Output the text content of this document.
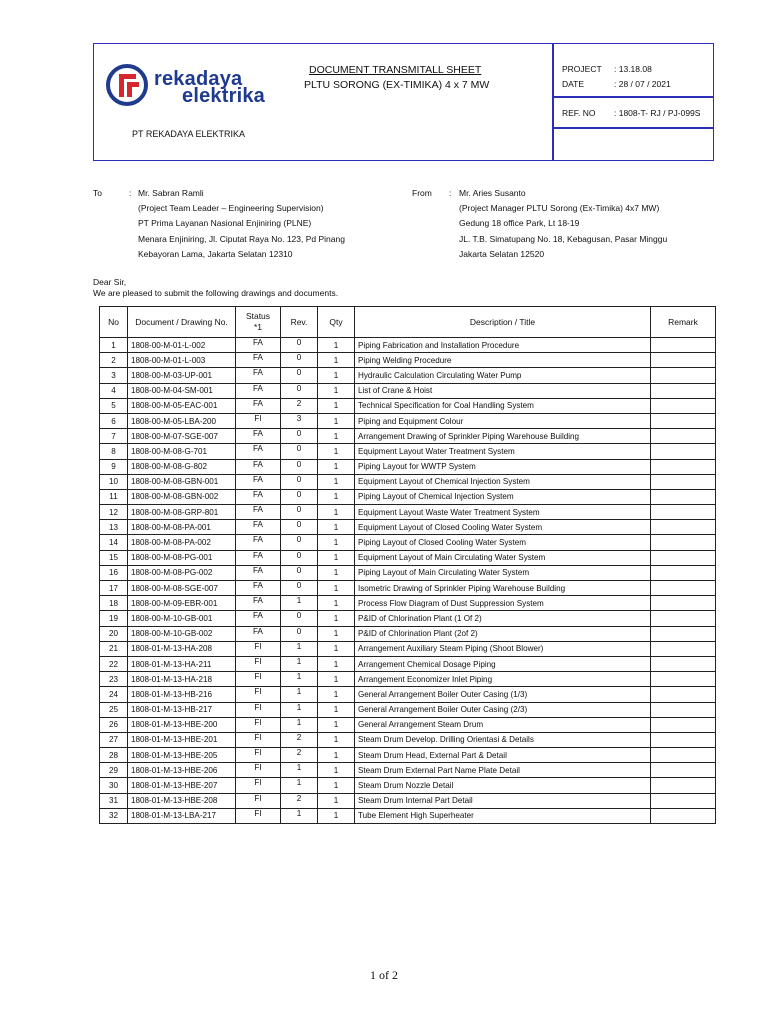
rekadaya
elektrika
PT REKADAYA ELEKTRIKA
DOCUMENT TRANSMITALL SHEET
PLTU SORONG (EX-TIMIKA) 4 x 7 MW
PROJECT : 13.18.08
DATE	: 28 / 07 / 2021
REF. NO : 1808-T- RJ / PJ-099S
To	: Mr. Sabran Ramli
(Project Team Leader – Engineering Supervision)
PT Prima Layanan Nasional Enjiniring (PLNE)
Menara Enjiniring, Jl. Ciputat Raya No. 123, Pd Pinang
Kebayoran Lama, Jakarta Selatan 12310
From : Mr. Aries Susanto
(Project Manager PLTU Sorong (Ex-Timika) 4x7 MW)
Gedung 18 office Park, Lt 18-19
JL. T.B. Simatupang No. 18, Kebagusan, Pasar Minggu
Jakarta Selatan 12520
Dear Sir,
We are pleased to submit the following drawings and documents.
No	Document / Drawing No.	Status
*1	Rev.	Qty	Description / Title	Remark
1	1808-00-M-01-L-002	FA	0	1	Piping Fabrication and Installation Procedure	
2	1808-00-M-01-L-003	FA	0	1	Piping Welding Procedure	
3	1808-00-M-03-UP-001	FA	0	1	Hydraulic Calculation Circulating Water Pump	
4	1808-00-M-04-SM-001	FA	0	1	List of Crane & Hoist	
5	1808-00-M-05-EAC-001	FA	2	1	Technical Specification for Coal Handling System	
6	1808-00-M-05-LBA-200	FI	3	1	Piping and Equipment Colour	
7	1808-00-M-07-SGE-007	FA	0	1	Arrangement Drawing of Sprinkler Piping Warehouse Building	
8	1808-00-M-08-G-701	FA	0	1	Equipment Layout Water Treatment System	
9	1808-00-M-08-G-802	FA	0	1	Piping Layout for WWTP System	
10	1808-00-M-08-GBN-001	FA	0	1	Equipment Layout of Chemical Injection System	
11	1808-00-M-08-GBN-002	FA	0	1	Piping Layout of Chemical Injection System	
12	1808-00-M-08-GRP-801	FA	0	1	Equipment Layout Waste Water Treatment System	
13	1808-00-M-08-PA-001	FA	0	1	Equipment Layout of Closed Cooling Water System	
14	1808-00-M-08-PA-002	FA	0	1	Piping Layout of Closed Cooling Water System	
15	1808-00-M-08-PG-001	FA	0	1	Equipment Layout of Main Circulating Water System	
16	1808-00-M-08-PG-002	FA	0	1	Piping Layout of Main Circulating Water System	
17	1808-00-M-08-SGE-007	FA	0	1	Isometric Drawing of Sprinkler Piping Warehouse Building	
18	1808-00-M-09-EBR-001	FA	1	1	Process Flow Diagram of Dust Suppression System	
19	1808-00-M-10-GB-001	FA	0	1	P&ID of Chlorination Plant (1 Of 2)	
20	1808-00-M-10-GB-002	FA	0	1	P&ID of Chlorination Plant (2of 2)	
21	1808-01-M-13-HA-208	FI	1	1	Arrangement Auxiliary Steam Piping (Shoot Blower)	
22	1808-01-M-13-HA-211	FI	1	1	Arrangement Chemical Dosage Piping	
23	1808-01-M-13-HA-218	FI	1	1	Arrangement Economizer Inlet Piping	
24	1808-01-M-13-HB-216	FI	1	1	General Arrangement Boiler Outer Casing (1/3)	
25	1808-01-M-13-HB-217	FI	1	1	General Arrangement Boiler Outer Casing (2/3)	
26	1808-01-M-13-HBE-200	FI	1	1	General Arrangement Steam Drum	
27	1808-01-M-13-HBE-201	FI	2	1	Steam Drum Develop. Drilling Orientasi & Details	
28	1808-01-M-13-HBE-205	FI	2	1	Steam Drum Head, External Part & Detail	
29	1808-01-M-13-HBE-206	FI	1	1	Steam Drum External Part Name Plate Detail	
30	1808-01-M-13-HBE-207	FI	1	1	Steam Drum Nozzle Detail	
31	1808-01-M-13-HBE-208	FI	2	1	Steam Drum Internal Part Detail	
32	1808-01-M-13-LBA-217	FI	1	1	Tube Element High Superheater	
1 of 2
